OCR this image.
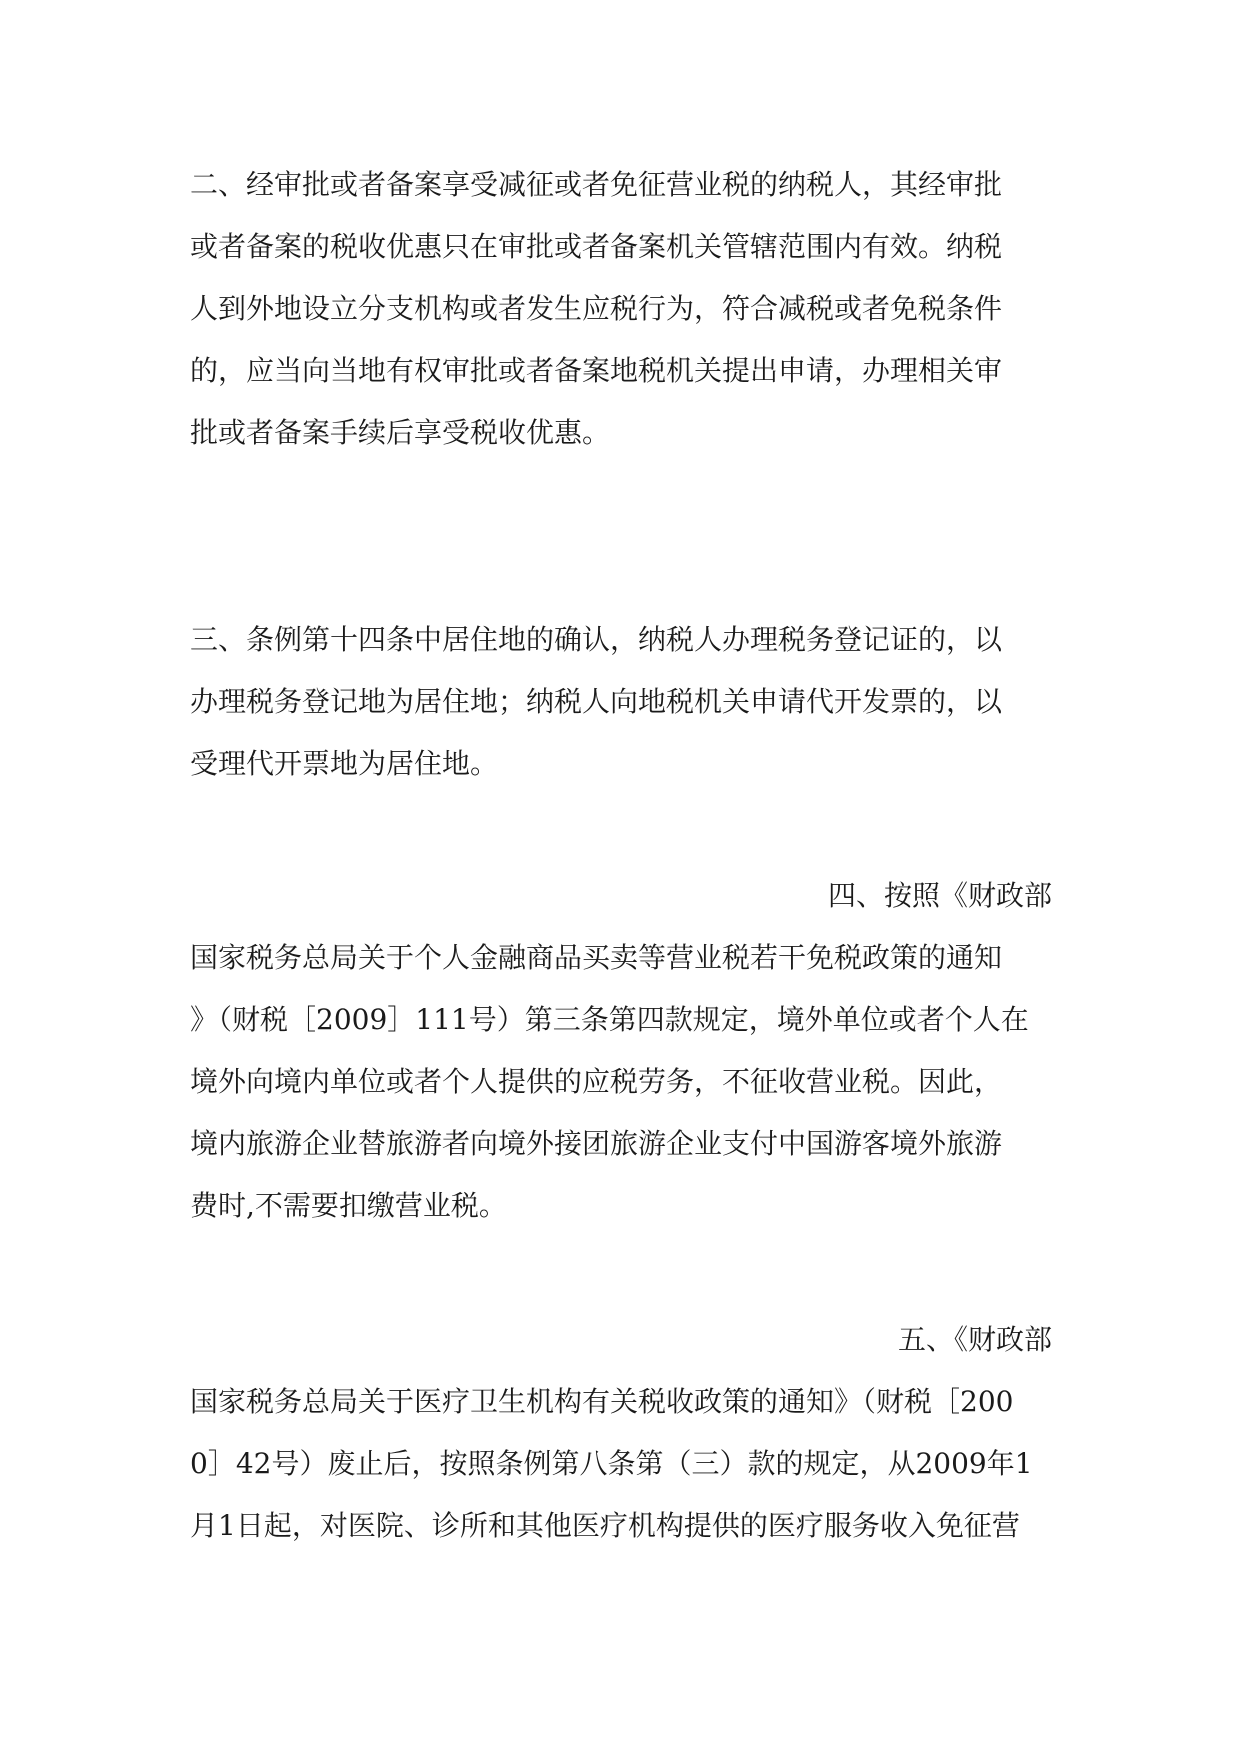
二、经审批或者备案享受减征或者免征营业税的纳税人，其经审批
或者备案的税收优惠只在审批或者备案机关管辖范围内有效。纳税
人到外地设立分支机构或者发生应税行为，符合减税或者免税条件
的，应当向当地有权审批或者备案地税机关提出申请，办理相关审
批或者备案手续后享受税收优惠。
三、条例第十四条中居住地的确认，纳税人办理税务登记证的，以
办理税务登记地为居住地；纳税人向地税机关申请代开发票的，以
受理代开票地为居住地。
四、按照《财政部
国家税务总局关于个人金融商品买卖等营业税若干免税政策的通知
》（财税［2009］111号）第三条第四款规定，境外单位或者个人在
境外向境内单位或者个人提供的应税劳务，不征收营业税。因此，
境内旅游企业替旅游者向境外接团旅游企业支付中国游客境外旅游
费时,不需要扣缴营业税。
五、《财政部
国家税务总局关于医疗卫生机构有关税收政策的通知》（财税［200
0］42号）废止后，按照条例第八条第（三）款的规定，从2009年1
月1日起，对医院、诊所和其他医疗机构提供的医疗服务收入免征营
